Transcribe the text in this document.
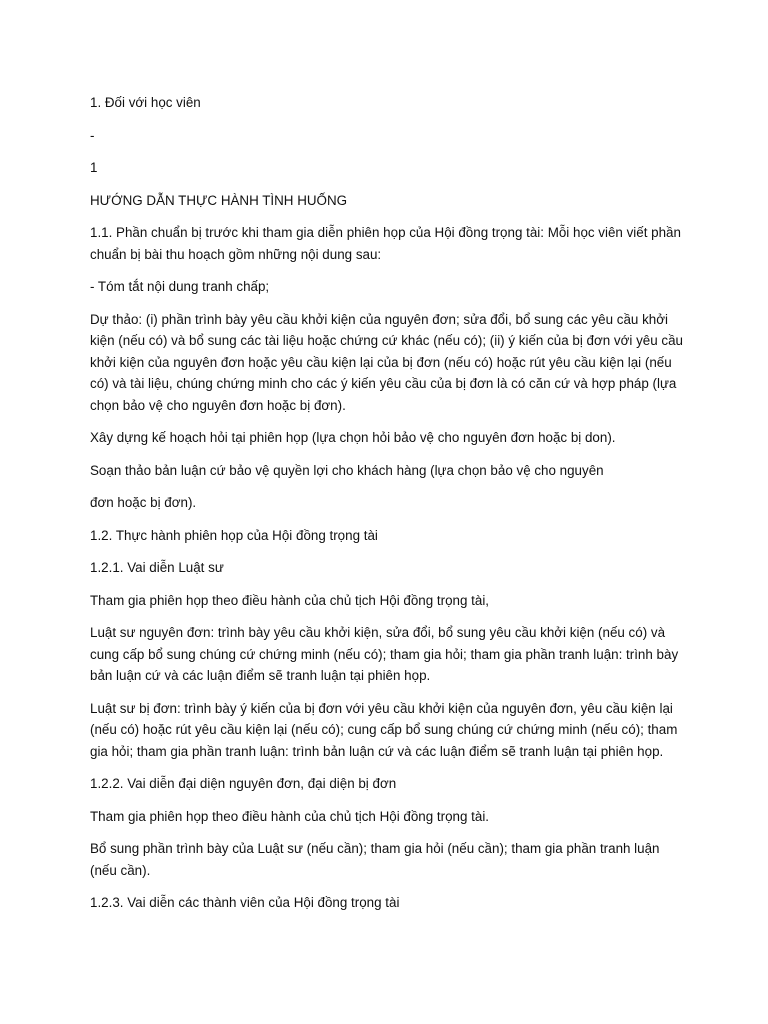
1. Đối với học viên

-

1

HƯỚNG DẪN THỰC HÀNH TÌNH HUỐNG

1.1. Phần chuẩn bị trước khi tham gia diễn phiên họp của Hội đồng trọng tài: Mỗi học viên viết phần chuẩn bị bài thu hoạch gồm những nội dung sau:

- Tóm tắt nội dung tranh chấp;

Dự thảo: (i) phần trình bày yêu cầu khởi kiện của nguyên đơn; sửa đổi, bổ sung các yêu cầu khởi kiện (nếu có) và bổ sung các tài liệu hoặc chứng cứ khác (nếu có); (ii) ý kiến của bị đơn với yêu cầu khởi kiện của nguyên đơn hoặc yêu cầu kiện lại của bị đơn (nếu có) hoặc rút yêu cầu kiện lại (nếu có) và tài liệu, chúng chứng minh cho các ý kiến yêu cầu của bị đơn là có căn cứ và hợp pháp (lựa chọn bảo vệ cho nguyên đơn hoặc bị đơn).

Xây dựng kế hoạch hỏi tại phiên họp (lựa chọn hỏi bảo vệ cho nguyên đơn hoặc bị don).

Soạn thảo bản luận cứ bảo vệ quyền lợi cho khách hàng (lựa chọn bảo vệ cho nguyên

đơn hoặc bị đơn).

1.2. Thực hành phiên họp của Hội đồng trọng tài

1.2.1. Vai diễn Luật sư

Tham gia phiên họp theo điều hành của chủ tịch Hội đồng trọng tài,

Luật sư nguyên đơn: trình bày yêu cầu khởi kiện, sửa đổi, bổ sung yêu cầu khởi kiện (nếu có) và cung cấp bổ sung chúng cứ chứng minh (nếu có); tham gia hỏi; tham gia phần tranh luận: trình bày bản luận cứ và các luận điểm sẽ tranh luận tại phiên họp.

Luật sư bị đơn: trình bày ý kiến của bị đơn với yêu cầu khởi kiện của nguyên đơn, yêu cầu kiện lại (nếu có) hoặc rút yêu cầu kiện lại (nếu có); cung cấp bổ sung chúng cứ chứng minh (nếu có); tham gia hỏi; tham gia phần tranh luận: trình bản luận cứ và các luận điểm sẽ tranh luận tại phiên họp.

1.2.2. Vai diễn đại diện nguyên đơn, đại diện bị đơn

Tham gia phiên họp theo điều hành của chủ tịch Hội đồng trọng tài.

Bổ sung phần trình bày của Luật sư (nếu cần); tham gia hỏi (nếu cần); tham gia phần tranh luận (nếu cần).

1.2.3. Vai diễn các thành viên của Hội đồng trọng tài
